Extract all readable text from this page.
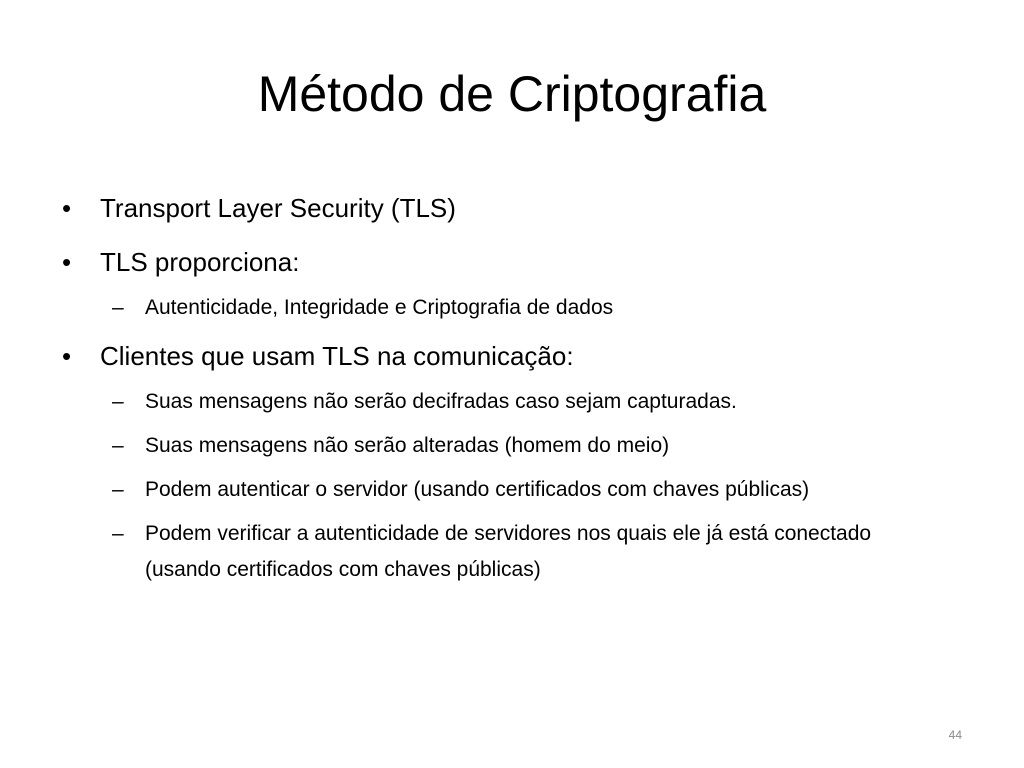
Método de Criptografia
• Transport Layer Security (TLS)
• TLS proporciona:
– Autenticidade, Integridade e Criptografia de dados
• Clientes que usam TLS na comunicação:
– Suas mensagens não serão decifradas caso sejam capturadas.
– Suas mensagens não serão alteradas (homem do meio)
– Podem autenticar o servidor (usando certificados com chaves públicas)
– Podem verificar a autenticidade de servidores nos quais ele já está conectado (usando certificados com chaves públicas)
44
